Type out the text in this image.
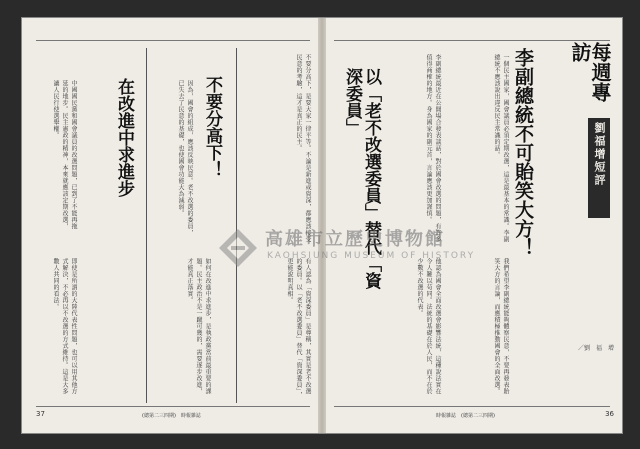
中國國民黨和國會議員的改選問題，已到了不能再拖延的地步。民主憲政的精神，本來就應該定期改選，讓人民行使選舉權。
即使是所謂的大陸代表性問題，也可以用其他方式解決，不必再以不改選的方式維持。這是大多數人共同的看法。
在改進中求進步	因為，國會的組成，應該反映民意。老不改選的委員，已失去了民意的基礎，也使國會功能大為減弱。
如何在改進中求進步，是執政黨當前最重要的課題。民主政治不是一蹴可幾的，需要逐步改進，才能真正落實。
不要分高下！	不要分高下，是要大家一律平等。不論是新進或資深，都應該接受民意的考驗，這才是真正的民主。
有人認為「資深委員」是尊稱，其實是老不改選的委員。以「老不改選委員」替代「資深委員」，更能說明真相。
37	(總第二三四期)　時報雜誌
以「老不改選委員」替代「資深委員」	李副總統最近在公開場合發表談話，對於國會改選的問題，有許多值得商榷的地方。身為國家的副元首，言論應該更加謹慎。
他認為國會全面改選會影響法統，這種說法實在令人難以苟同。法統的基礎在於人民，而不在於少數不改選的代表。
李副總統不可貽笑大方！
一個民主國家，國會議員必須定期改選，這是最基本的常識。李副總統不應該說出違反民主常識的話。
我們希望李副總統能夠體察民意，不要再發表貽笑大方的言論，而應積極推動國會的全面改選。
每週專訪
劉福增短評
／劉　福　增
36
時報雜誌　(總第二三四期)
高雄市立歷史博物館
KAOHSIUNG MUSEUM OF HISTORY
